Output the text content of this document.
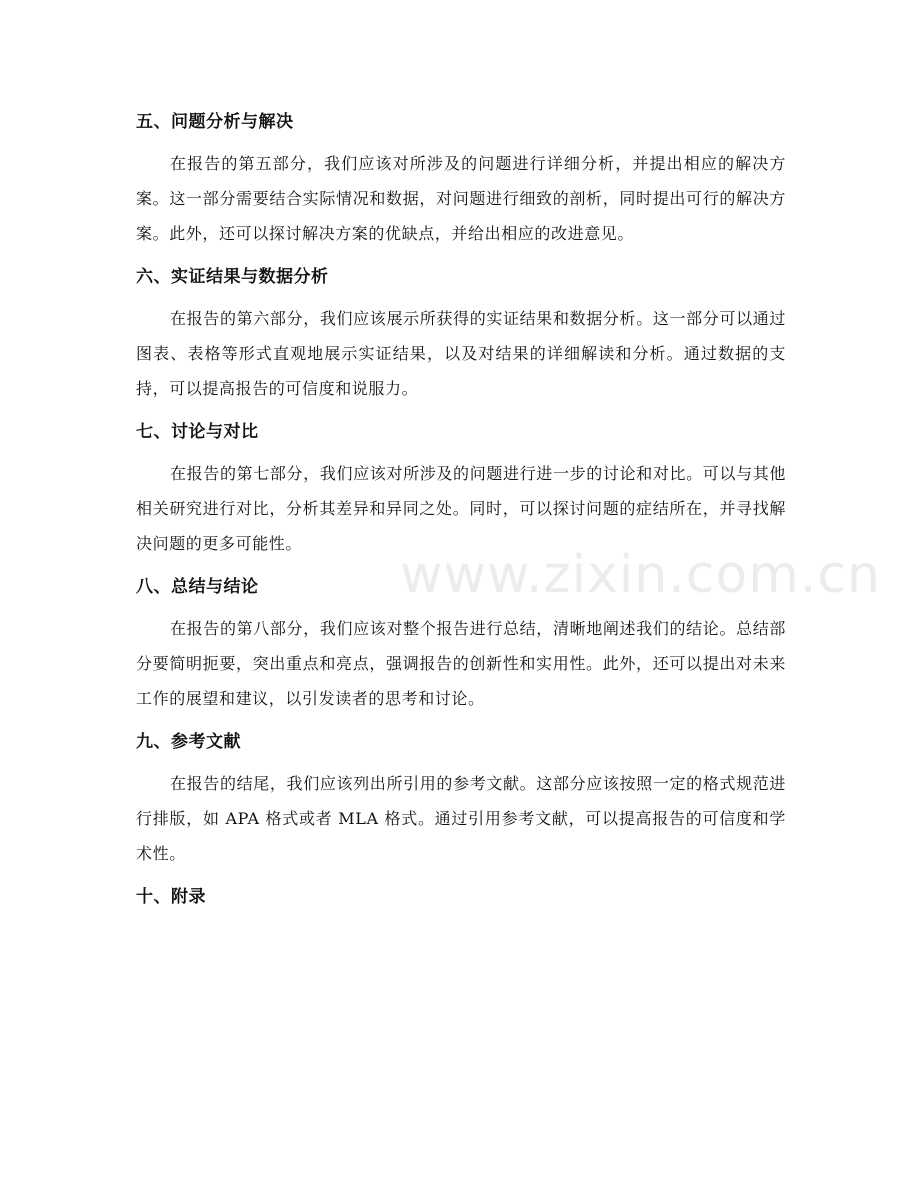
五、问题分析与解决

在报告的第五部分，我们应该对所涉及的问题进行详细分析，并提出相应的解决方案。这一部分需要结合实际情况和数据，对问题进行细致的剖析，同时提出可行的解决方案。此外，还可以探讨解决方案的优缺点，并给出相应的改进意见。

六、实证结果与数据分析

在报告的第六部分，我们应该展示所获得的实证结果和数据分析。这一部分可以通过图表、表格等形式直观地展示实证结果，以及对结果的详细解读和分析。通过数据的支持，可以提高报告的可信度和说服力。

七、讨论与对比

在报告的第七部分，我们应该对所涉及的问题进行进一步的讨论和对比。可以与其他相关研究进行对比，分析其差异和异同之处。同时，可以探讨问题的症结所在，并寻找解决问题的更多可能性。

八、总结与结论

在报告的第八部分，我们应该对整个报告进行总结，清晰地阐述我们的结论。总结部分要简明扼要，突出重点和亮点，强调报告的创新性和实用性。此外，还可以提出对未来工作的展望和建议，以引发读者的思考和讨论。

九、参考文献

在报告的结尾，我们应该列出所引用的参考文献。这部分应该按照一定的格式规范进行排版，如 APA 格式或者 MLA 格式。通过引用参考文献，可以提高报告的可信度和学术性。

十、附录
www.zixin.com.cn
